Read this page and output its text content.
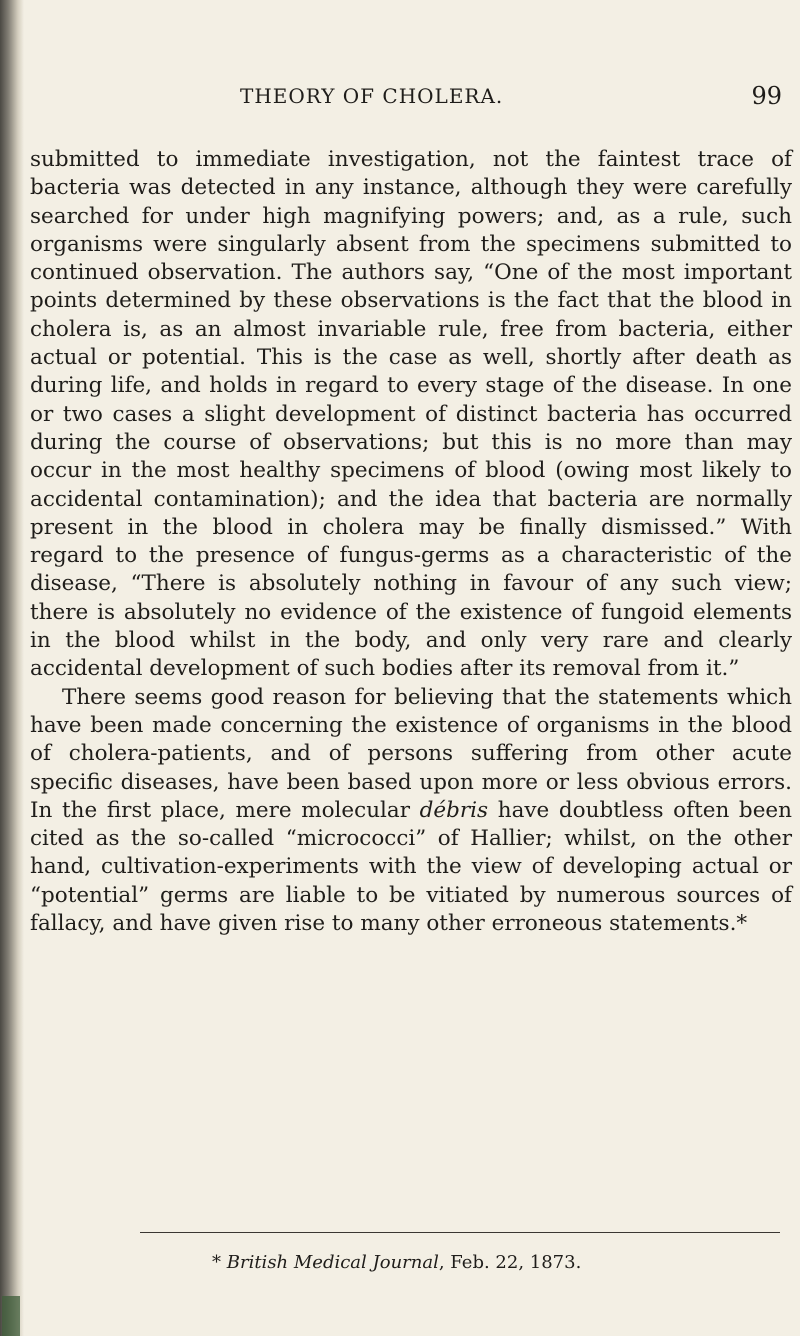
THEORY OF CHOLERA.	99

submitted to immediate investigation, not the faintest trace of bacteria was detected in any instance, although they were carefully searched for under high magnifying powers; and, as a rule, such organisms were singularly absent from the specimens submitted to continued observation. The authors say, “One of the most important points determined by these observations is the fact that the blood in cholera is, as an almost invariable rule, free from bacteria, either actual or potential. This is the case as well, shortly after death as during life, and holds in regard to every stage of the disease. In one or two cases a slight development of distinct bacteria has occurred during the course of observations; but this is no more than may occur in the most healthy specimens of blood (owing most likely to accidental contamination); and the idea that bacteria are normally present in the blood in cholera may be finally dismissed.” With regard to the presence of fungus-germs as a characteristic of the disease, “There is absolutely nothing in favour of any such view; there is absolutely no evidence of the existence of fungoid elements in the blood whilst in the body, and only very rare and clearly accidental development of such bodies after its removal from it.”

There seems good reason for believing that the statements which have been made concerning the existence of organisms in the blood of cholera-patients, and of persons suffering from other acute specific diseases, have been based upon more or less obvious errors. In the first place, mere molecular débris have doubtless often been cited as the so-called “micrococci” of Hallier; whilst, on the other hand, cultivation-experiments with the view of developing actual or “potential” germs are liable to be vitiated by numerous sources of fallacy, and have given rise to many other erroneous statements.*

* British Medical Journal, Feb. 22, 1873.
